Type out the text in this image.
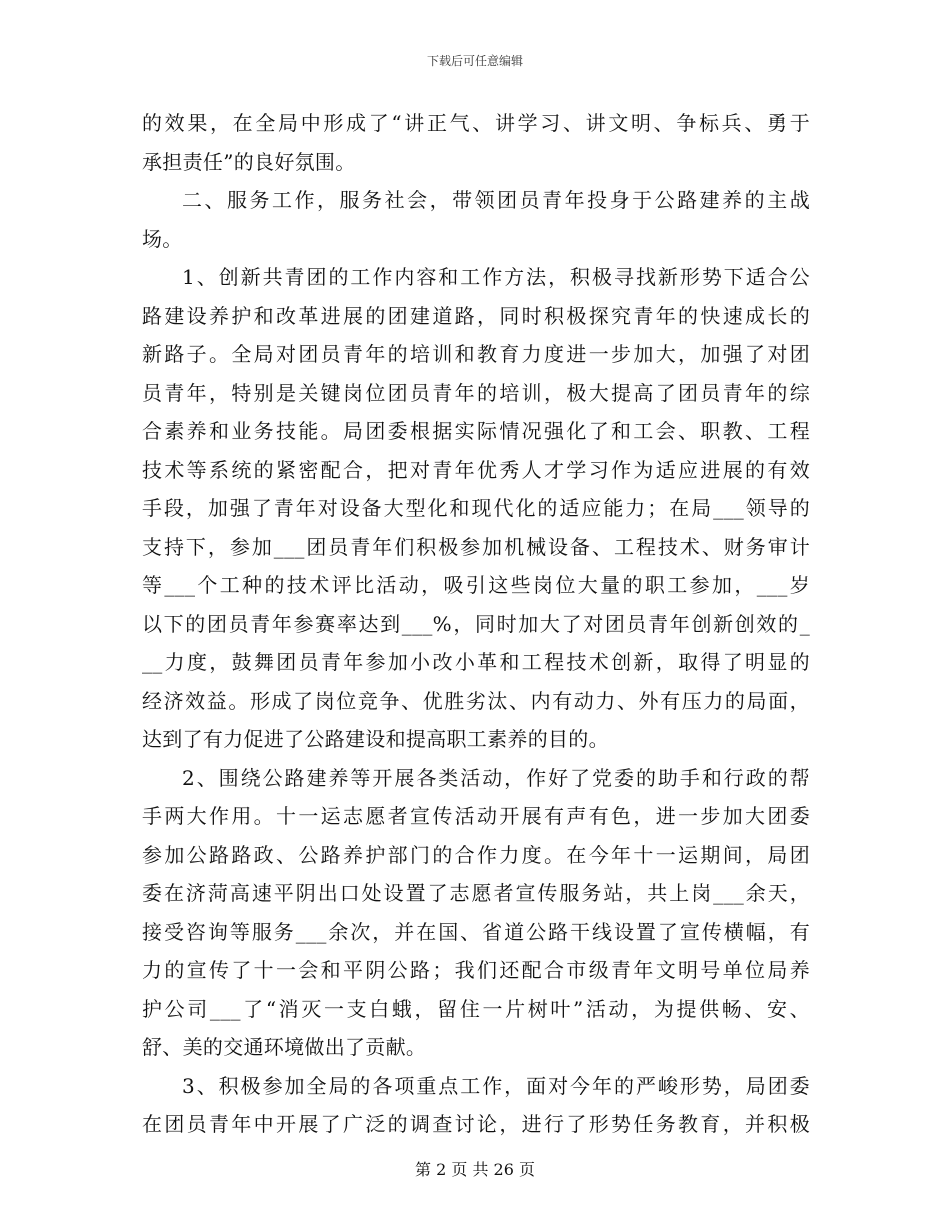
下载后可任意编辑
的效果，在全局中形成了“讲正气、讲学习、讲文明、争标兵、勇于
承担责任”的良好氛围。
二、服务工作，服务社会，带领团员青年投身于公路建养的主战
场。
1、创新共青团的工作内容和工作方法，积极寻找新形势下适合公
路建设养护和改革进展的团建道路，同时积极探究青年的快速成长的
新路子。全局对团员青年的培训和教育力度进一步加大，加强了对团
员青年，特别是关键岗位团员青年的培训，极大提高了团员青年的综
合素养和业务技能。局团委根据实际情况强化了和工会、职教、工程
技术等系统的紧密配合，把对青年优秀人才学习作为适应进展的有效
手段，加强了青年对设备大型化和现代化的适应能力；在局___领导的
支持下，参加___团员青年们积极参加机械设备、工程技术、财务审计
等___个工种的技术评比活动，吸引这些岗位大量的职工参加，___岁
以下的团员青年参赛率达到___%，同时加大了对团员青年创新创效的_
__力度，鼓舞团员青年参加小改小革和工程技术创新，取得了明显的
经济效益。形成了岗位竞争、优胜劣汰、内有动力、外有压力的局面，
达到了有力促进了公路建设和提高职工素养的目的。
2、围绕公路建养等开展各类活动，作好了党委的助手和行政的帮
手两大作用。十一运志愿者宣传活动开展有声有色，进一步加大团委
参加公路路政、公路养护部门的合作力度。在今年十一运期间，局团
委在济菏高速平阴出口处设置了志愿者宣传服务站，共上岗___余天，
接受咨询等服务___余次，并在国、省道公路干线设置了宣传横幅，有
力的宣传了十一会和平阴公路；我们还配合市级青年文明号单位局养
护公司___了“消灭一支白蛾，留住一片树叶”活动，为提供畅、安、
舒、美的交通环境做出了贡献。
3、积极参加全局的各项重点工作，面对今年的严峻形势，局团委
在团员青年中开展了广泛的调查讨论，进行了形势任务教育，并积极
第 2 页 共 26 页
